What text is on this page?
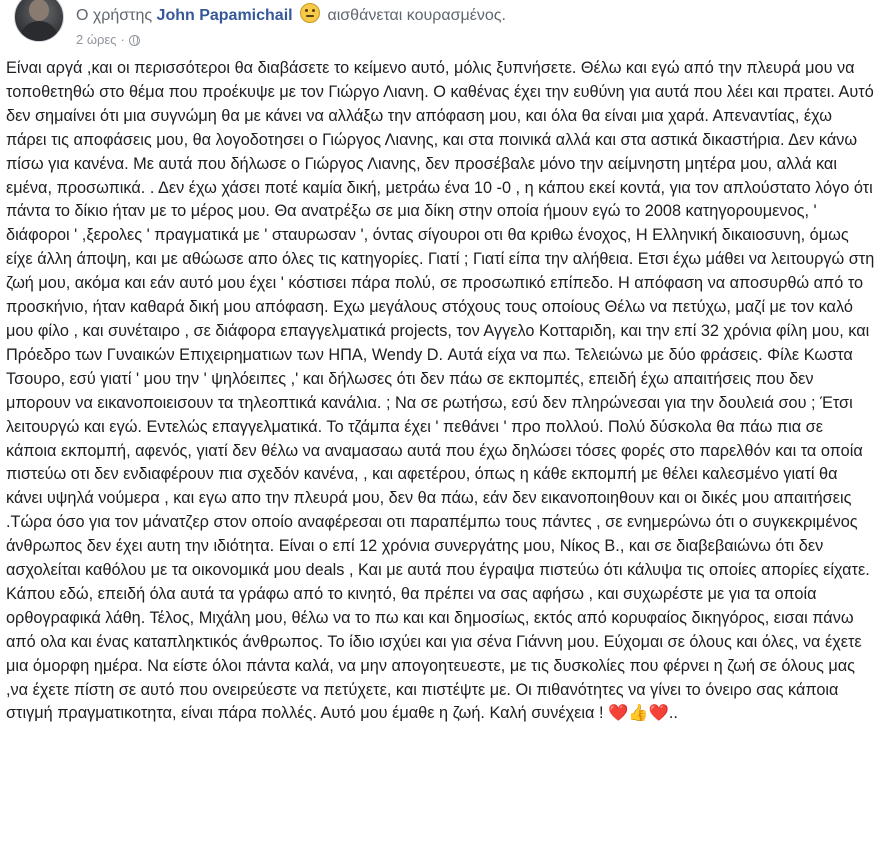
Ο χρήστης John Papamichail αισθάνεται κουρασμένος.
2 ώρες ·

Είναι αργά ,και οι περισσότεροι θα διαβάσετε το κείμενο αυτό, μόλις ξυπνήσετε. Θέλω και εγώ από την πλευρά μου να τοποθετηθώ στο θέμα που προέκυψε με τον Γιώργο Λιανη. Ο καθένας έχει την ευθύνη για αυτά που λέει και πρατει. Αυτό δεν σημαίνει ότι μια συγνώμη θα με κάνει να αλλάξω την απόφαση μου, και όλα θα είναι μια χαρά. Απεναντίας, έχω πάρει τις αποφάσεις μου, θα λογοδοτησει ο Γιώργος Λιανης, και στα ποινικά αλλά και στα αστικά δικαστήρια. Δεν κάνω πίσω για κανένα. Με αυτά που δήλωσε ο Γιώργος Λιανης, δεν προσέβαλε μόνο την αείμνηστη μητέρα μου, αλλά και εμένα, προσωπικά. . Δεν έχω χάσει ποτέ καμία δική, μετράω ένα 10 -0 , η κάπου εκεί κοντά, για τον απλούστατο λόγο ότι πάντα το δίκιο ήταν με το μέρος μου. Θα ανατρέξω σε μια δίκη στην οποία ήμουν εγώ το 2008 κατηγορουμενος, ' διάφοροι ' ,ξερολες ' πραγματικά με ' σταυρωσαν ', όντας σίγουροι οτι θα κριθω ένοχος, Η Ελληνική δικαιοσυνη, όμως είχε άλλη άποψη, και με αθώωσε απο όλες τις κατηγορίες. Γιατί ; Γιατί είπα την αλήθεια. Ετσι έχω μάθει να λειτουργώ στη ζωή μου, ακόμα και εάν αυτό μου έχει ' κόστισει πάρα πολύ, σε προσωπικό επίπεδο. Η απόφαση να αποσυρθώ από το προσκήνιο, ήταν καθαρά δική μου απόφαση. Εχω μεγάλους στόχους τους οποίους Θέλω να πετύχω, μαζί με τον καλό μου φίλο , και συνέταιρο , σε διάφορα επαγγελματικά projects, τον Αγγελο Κοτταριδη, και την επί 32 χρόνια φίλη μου, και Πρόεδρο των Γυναικών Επιχειρηματιων των ΗΠΑ, Wendy D. Αυτά είχα να πω. Τελειώνω με δύο φράσεις. Φίλε Κωστα Τσουρο, εσύ γιατί ' μου την ' ψηλόειπες ,' και δήλωσες ότι δεν πάω σε εκπομπές, επειδή έχω απαιτήσεις που δεν μπορουν να εικανοποιεισουν τα τηλεοπτικά κανάλια. ; Να σε ρωτήσω, εσύ δεν πληρώνεσαι για την δουλειά σου ; Έτσι λειτουργώ και εγώ. Εντελώς επαγγελματικά. Το τζάμπα έχει ' πεθάνει ' προ πολλού. Πολύ δύσκολα θα πάω πια σε κάποια εκπομπή, αφενός, γιατί δεν θέλω να αναμασαω αυτά που έχω δηλώσει τόσες φορές στο παρελθόν και τα οποία πιστεύω οτι δεν ενδιαφέρουν πια σχεδόν κανένα, , και αφετέρου, όπως η κάθε εκπομπή με θέλει καλεσμένο γιατί θα κάνει υψηλά νούμερα , και εγω απο την πλευρά μου, δεν θα πάω, εάν δεν εικανοποιηθουν και οι δικές μου απαιτήσεις .Τώρα όσο για τον μάνατζερ στον οποίο αναφέρεσαι οτι παραπέμπω τους πάντες , σε ενημερώνω ότι ο συγκεκριμένος άνθρωπος δεν έχει αυτη την ιδιότητα. Είναι ο επί 12 χρόνια συνεργάτης μου, Νίκος Β., και σε διαβεβαιώνω ότι δεν ασχολείται καθόλου με τα οικονομικά μου deals , Και με αυτά που έγραψα πιστεύω ότι κάλυψα τις οποίες απορίες είχατε. Κάπου εδώ, επειδή όλα αυτά τα γράφω από το κινητό, θα πρέπει να σας αφήσω , και συχωρέστε με για τα οποία ορθογραφικά λάθη. Τέλος, Μιχάλη μου, θέλω να το πω και και δημοσίως, εκτός από κορυφαίος δικηγόρος, εισαι πάνω από ολα και ένας καταπληκτικός άνθρωπος. Το ίδιο ισχύει και για σένα Γιάννη μου. Εύχομαι σε όλους και όλες, να έχετε μια όμορφη ημέρα. Να είστε όλοι πάντα καλά, να μην απογοητευεστε, με τις δυσκολίες που φέρνει η ζωή σε όλους μας ,να έχετε πίστη σε αυτό που ονειρεύεστε να πετύχετε, και πιστέψτε με. Οι πιθανότητες να γίνει το όνειρο σας κάποια στιγμή πραγματικοτητα, είναι πάρα πολλές. Αυτό μου έμαθε η ζωή. Καλή συνέχεια ! ❤️👍❤️..
